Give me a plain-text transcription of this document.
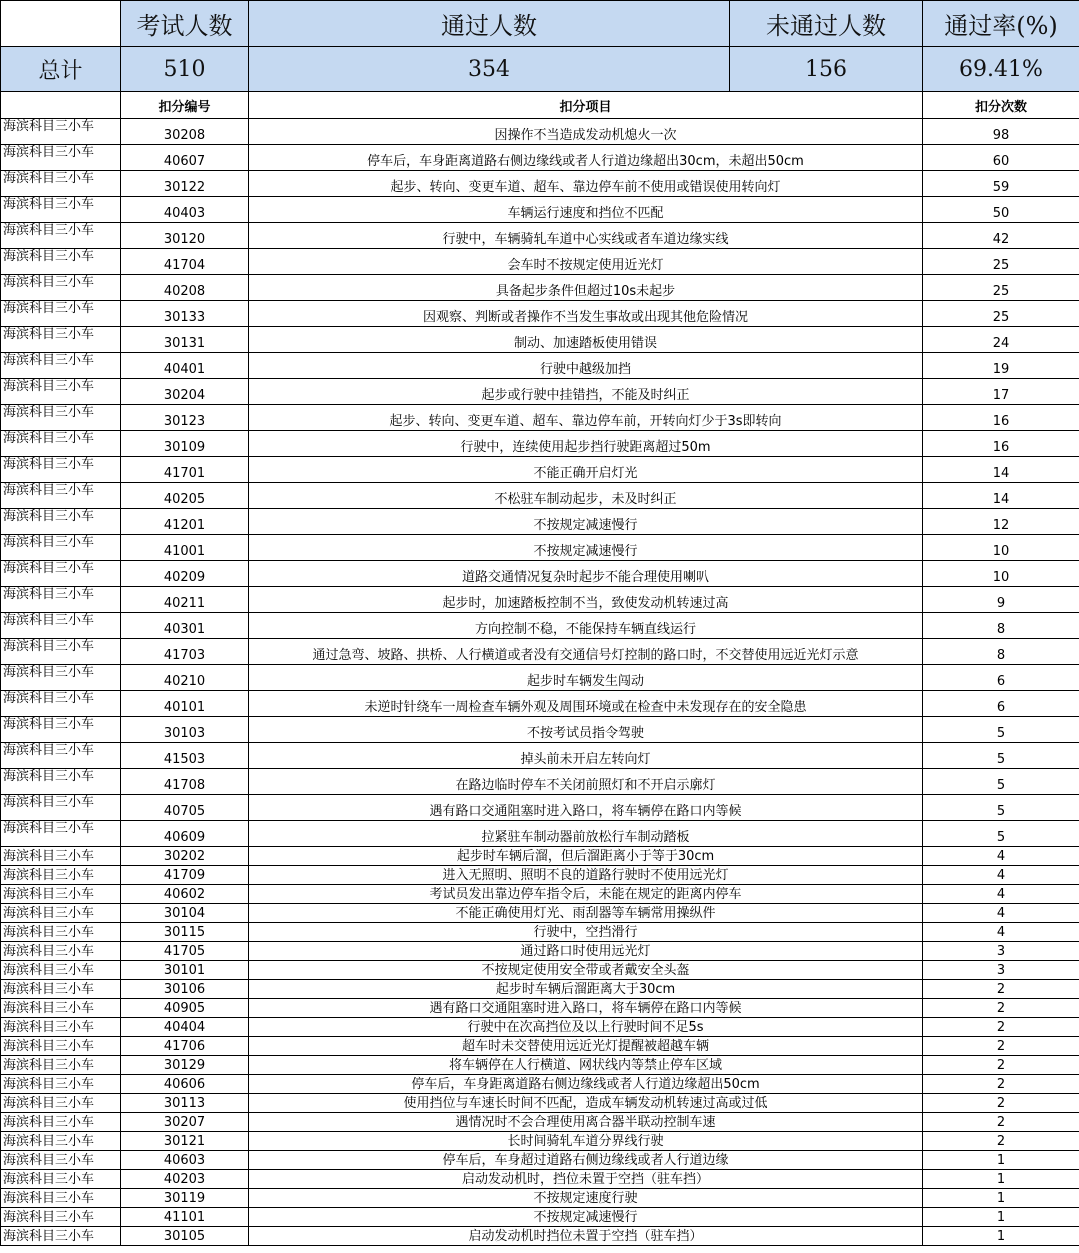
	考试人数	通过人数	未通过人数	通过率(%)
总计	510	354	156	69.41%
	扣分编号	扣分项目		扣分次数
海滨科目三小车	30208	因操作不当造成发动机熄火一次		98
海滨科目三小车	40607	停车后，车身距离道路右侧边缘线或者人行道边缘超出30cm，未超出50cm		60
海滨科目三小车	30122	起步、转向、变更车道、超车、靠边停车前不使用或错误使用转向灯		59
海滨科目三小车	40403	车辆运行速度和挡位不匹配		50
海滨科目三小车	30120	行驶中，车辆骑轧车道中心实线或者车道边缘实线		42
海滨科目三小车	41704	会车时不按规定使用近光灯		25
海滨科目三小车	40208	具备起步条件但超过10s未起步		25
海滨科目三小车	30133	因观察、判断或者操作不当发生事故或出现其他危险情况		25
海滨科目三小车	30131	制动、加速踏板使用错误		24
海滨科目三小车	40401	行驶中越级加挡		19
海滨科目三小车	30204	起步或行驶中挂错挡，不能及时纠正		17
海滨科目三小车	30123	起步、转向、变更车道、超车、靠边停车前，开转向灯少于3s即转向		16
海滨科目三小车	30109	行驶中，连续使用起步挡行驶距离超过50m		16
海滨科目三小车	41701	不能正确开启灯光		14
海滨科目三小车	40205	不松驻车制动起步，未及时纠正		14
海滨科目三小车	41201	不按规定减速慢行		12
海滨科目三小车	41001	不按规定减速慢行		10
海滨科目三小车	40209	道路交通情况复杂时起步不能合理使用喇叭		10
海滨科目三小车	40211	起步时，加速踏板控制不当，致使发动机转速过高		9
海滨科目三小车	40301	方向控制不稳，不能保持车辆直线运行		8
海滨科目三小车	41703	通过急弯、坡路、拱桥、人行横道或者没有交通信号灯控制的路口时，不交替使用远近光灯示意		8
海滨科目三小车	40210	起步时车辆发生闯动		6
海滨科目三小车	40101	未逆时针绕车一周检查车辆外观及周围环境或在检查中未发现存在的安全隐患		6
海滨科目三小车	30103	不按考试员指令驾驶		5
海滨科目三小车	41503	掉头前未开启左转向灯		5
海滨科目三小车	41708	在路边临时停车不关闭前照灯和不开启示廓灯		5
海滨科目三小车	40705	遇有路口交通阻塞时进入路口，将车辆停在路口内等候		5
海滨科目三小车	40609	拉紧驻车制动器前放松行车制动踏板		5
海滨科目三小车	30202	起步时车辆后溜，但后溜距离小于等于30cm		4
海滨科目三小车	41709	进入无照明、照明不良的道路行驶时不使用远光灯		4
海滨科目三小车	40602	考试员发出靠边停车指令后，未能在规定的距离内停车		4
海滨科目三小车	30104	不能正确使用灯光、雨刮器等车辆常用操纵件		4
海滨科目三小车	30115	行驶中，空挡滑行		4
海滨科目三小车	41705	通过路口时使用远光灯		3
海滨科目三小车	30101	不按规定使用安全带或者戴安全头盔		3
海滨科目三小车	30106	起步时车辆后溜距离大于30cm		2
海滨科目三小车	40905	遇有路口交通阻塞时进入路口，将车辆停在路口内等候		2
海滨科目三小车	40404	行驶中在次高挡位及以上行驶时间不足5s		2
海滨科目三小车	41706	超车时未交替使用远近光灯提醒被超越车辆		2
海滨科目三小车	30129	将车辆停在人行横道、网状线内等禁止停车区域		2
海滨科目三小车	40606	停车后，车身距离道路右侧边缘线或者人行道边缘超出50cm		2
海滨科目三小车	30113	使用挡位与车速长时间不匹配，造成车辆发动机转速过高或过低		2
海滨科目三小车	30207	遇情况时不会合理使用离合器半联动控制车速		2
海滨科目三小车	30121	长时间骑轧车道分界线行驶		2
海滨科目三小车	40603	停车后，车身超过道路右侧边缘线或者人行道边缘		1
海滨科目三小车	40203	启动发动机时，挡位未置于空挡（驻车挡）		1
海滨科目三小车	30119	不按规定速度行驶		1
海滨科目三小车	41101	不按规定减速慢行		1
海滨科目三小车	30105	启动发动机时挡位未置于空挡（驻车挡）		1
